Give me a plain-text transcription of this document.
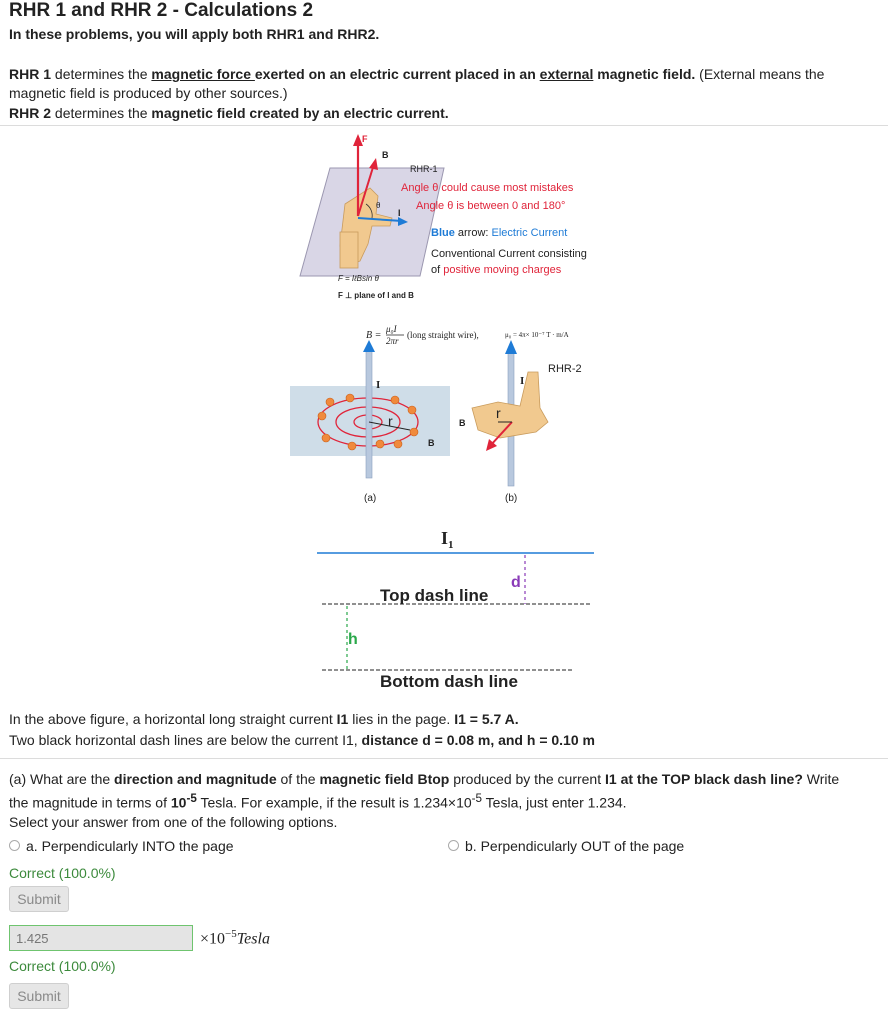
RHR 1 and RHR 2 - Calculations 2
In these problems, you will apply both RHR1 and RHR2.
RHR 1 determines the magnetic force exerted on an electric current placed in an external magnetic field. (External means the magnetic field is produced by other sources.)
RHR 2 determines the magnetic field created by an electric current.
F
B
I
θ
RHR-1
Angle θ could cause most mistakes
Angle θ is between 0 and 180°
Blue arrow: Electric Current
Conventional Current consisting
of positive moving charges
F = IℓBsin θ
F ⊥ plane of I and B
B =
μ₀I
2πr
(long straight wire),	μ₀ = 4π× 10⁻⁷ T · m/A
r
I
B
(a)
r
I
B
RHR-2
(b)
$I_1$
d
Top dash line
h
Bottom dash line
In the above figure, a horizontal long straight current I1 lies in the page. I1 = 5.7 A.
Two black horizontal dash lines are below the current I1, distance d = 0.08 m, and h = 0.10 m
(a) What are the direction and magnitude of the magnetic field Btop produced by the current I1 at the TOP black dash line? Write
the magnitude in terms of $10^{-5}$ Tesla. For example, if the result is $1.234\times 10^{-5}$ Tesla, just enter 1.234.
Select your answer from one of the following options.
a. Perpendicularly INTO the page	b. Perpendicularly OUT of the page
Correct (100.0%)
Submit
1.425	$\times 10^{-5}Tesla$
Correct (100.0%)
Submit
